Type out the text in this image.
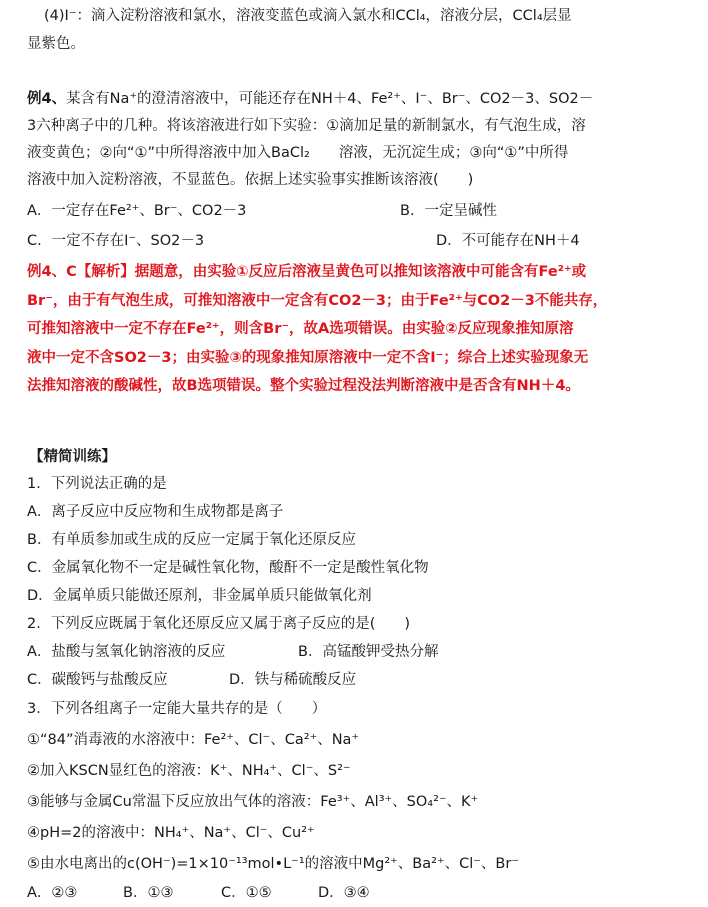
(4)I⁻：滴入淀粉溶液和氯水，溶液变蓝色或滴入氯水和CCl₄，溶液分层，CCl₄层显
显紫色。
例4、某含有Na⁺的澄清溶液中，可能还存在NH＋4、Fe²⁺、I⁻、Br⁻、CO2－3、SO2－
3六种离子中的几种。将该溶液进行如下实验：①滴加足量的新制氯水，有气泡生成，溶
液变黄色；②向“①”中所得溶液中加入BaCl₂　　溶液，无沉淀生成；③向“①”中所得
溶液中加入淀粉溶液，不显蓝色。依据上述实验事实推断该溶液(　　)
A．一定存在Fe²⁺、Br⁻、CO2－3	B．一定呈碱性
C．一定不存在I⁻、SO2－3	D．不可能存在NH＋4
例4、C【解析】据题意，由实验①反应后溶液呈黄色可以推知该溶液中可能含有Fe²⁺或
Br⁻，由于有气泡生成，可推知溶液中一定含有CO2－3；由于Fe²⁺与CO2－3不能共存，
可推知溶液中一定不存在Fe²⁺，则含Br⁻，故A选项错误。由实验②反应现象推知原溶
液中一定不含SO2－3；由实验③的现象推知原溶液中一定不含I⁻；综合上述实验现象无
法推知溶液的酸碱性，故B选项错误。整个实验过程没法判断溶液中是否含有NH＋4。
【精简训练】
1．下列说法正确的是
A．离子反应中反应物和生成物都是离子
B．有单质参加或生成的反应一定属于氧化还原反应
C．金属氧化物不一定是碱性氧化物，酸酐不一定是酸性氧化物
D．金属单质只能做还原剂，非金属单质只能做氧化剂
2．下列反应既属于氧化还原反应又属于离子反应的是(　　)
A．盐酸与氢氧化钠溶液的反应	B．高锰酸钾受热分解
C．碳酸钙与盐酸反应	D．铁与稀硫酸反应
3．下列各组离子一定能大量共存的是（　　）
①“84”消毒液的水溶液中：Fe²⁺、Cl⁻、Ca²⁺、Na⁺
②加入KSCN显红色的溶液：K⁺、NH₄⁺、Cl⁻、S²⁻
③能够与金属Cu常温下反应放出气体的溶液：Fe³⁺、Al³⁺、SO₄²⁻、K⁺
④pH=2的溶液中：NH₄⁺、Na⁺、Cl⁻、Cu²⁺
⑤由水电离出的c(OH⁻)=1×10⁻¹³mol•L⁻¹的溶液中Mg²⁺、Ba²⁺、Cl⁻、Br⁻
A．②③	B．①③	C．①⑤	D．③④
